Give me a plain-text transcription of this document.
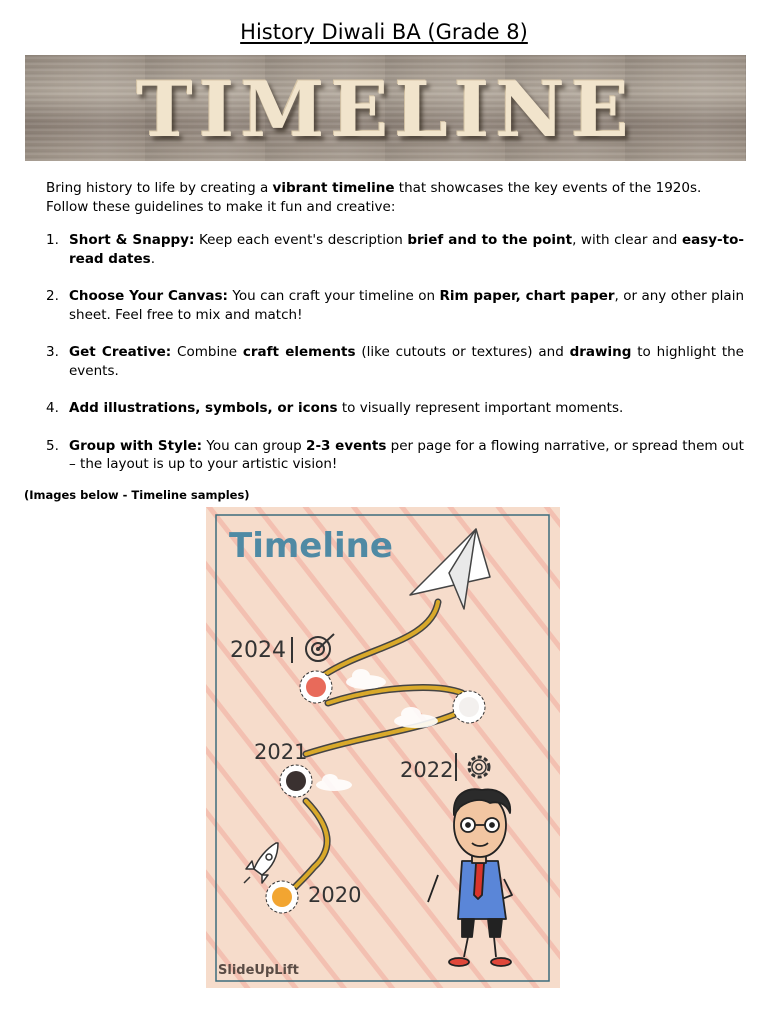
History Diwali BA (Grade 8)
TIMELINE

Bring history to life by creating a vibrant timeline that showcases the key events of the 1920s. Follow these guidelines to make it fun and creative:

1. Short & Snappy: Keep each event's description brief and to the point, with clear and easy-to-read dates.
2. Choose Your Canvas: You can craft your timeline on Rim paper, chart paper, or any other plain sheet. Feel free to mix and match!
3. Get Creative: Combine craft elements (like cutouts or textures) and drawing to highlight the events.
4. Add illustrations, symbols, or icons to visually represent important moments.
5. Group with Style: You can group 2-3 events per page for a flowing narrative, or spread them out – the layout is up to your artistic vision!

(Images below - Timeline samples)

Timeline
2024
2021
2022
2020
SlideUpLift
